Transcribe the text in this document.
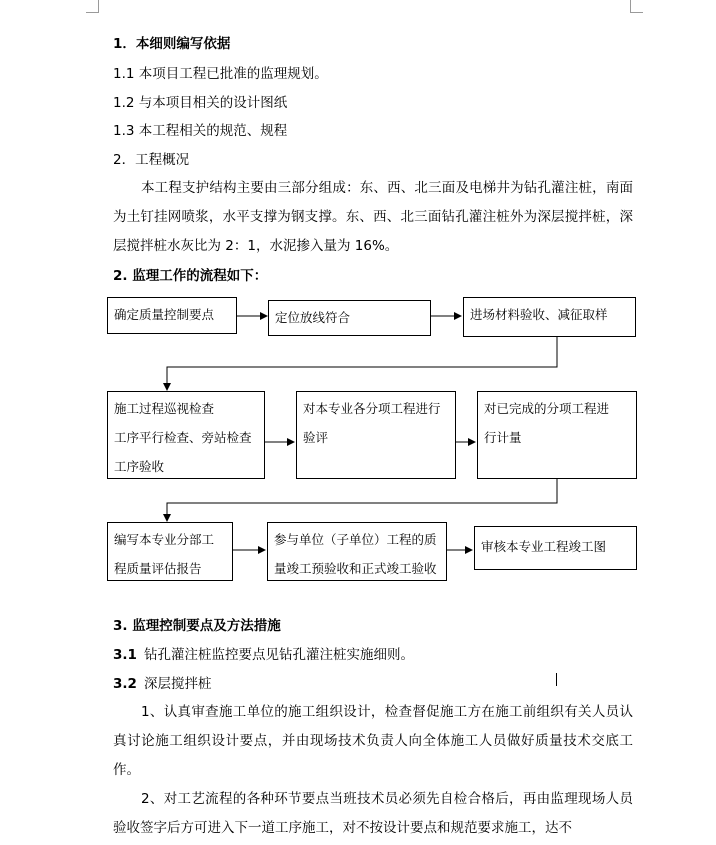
1．本细则编写依据
1.1 本项目工程已批准的监理规划。
1.2 与本项目相关的设计图纸
1.3 本工程相关的规范、规程
2．工程概况
本工程支护结构主要由三部分组成：东、西、北三面及电梯井为钻孔灌注桩，南面为土钉挂网喷浆，水平支撑为钢支撑。东、西、北三面钻孔灌注桩外为深层搅拌桩，深层搅拌桩水灰比为 2：1，水泥掺入量为 16%。
2. 监理工作的流程如下：
确定质量控制要点	定位放线符合	进场材料验收、减征取样
施工过程巡视检查
工序平行检查、旁站检查
工序验收
对本专业各分项工程进行
验评
对已完成的分项工程进
行计量
编写本专业分部工
程质量评估报告
参与单位（子单位）工程的质
量竣工预验收和正式竣工验收
审核本专业工程竣工图
3. 监理控制要点及方法措施
3.1 钻孔灌注桩监控要点见钻孔灌注桩实施细则。
3.2 深层搅拌桩
1、认真审查施工单位的施工组织设计，检查督促施工方在施工前组织有关人员认真讨论施工组织设计要点，并由现场技术负责人向全体施工人员做好质量技术交底工作。
2、对工艺流程的各种环节要点当班技术员必须先自检合格后，再由监理现场人员验收签字后方可进入下一道工序施工，对不按设计要点和规范要求施工，达不
